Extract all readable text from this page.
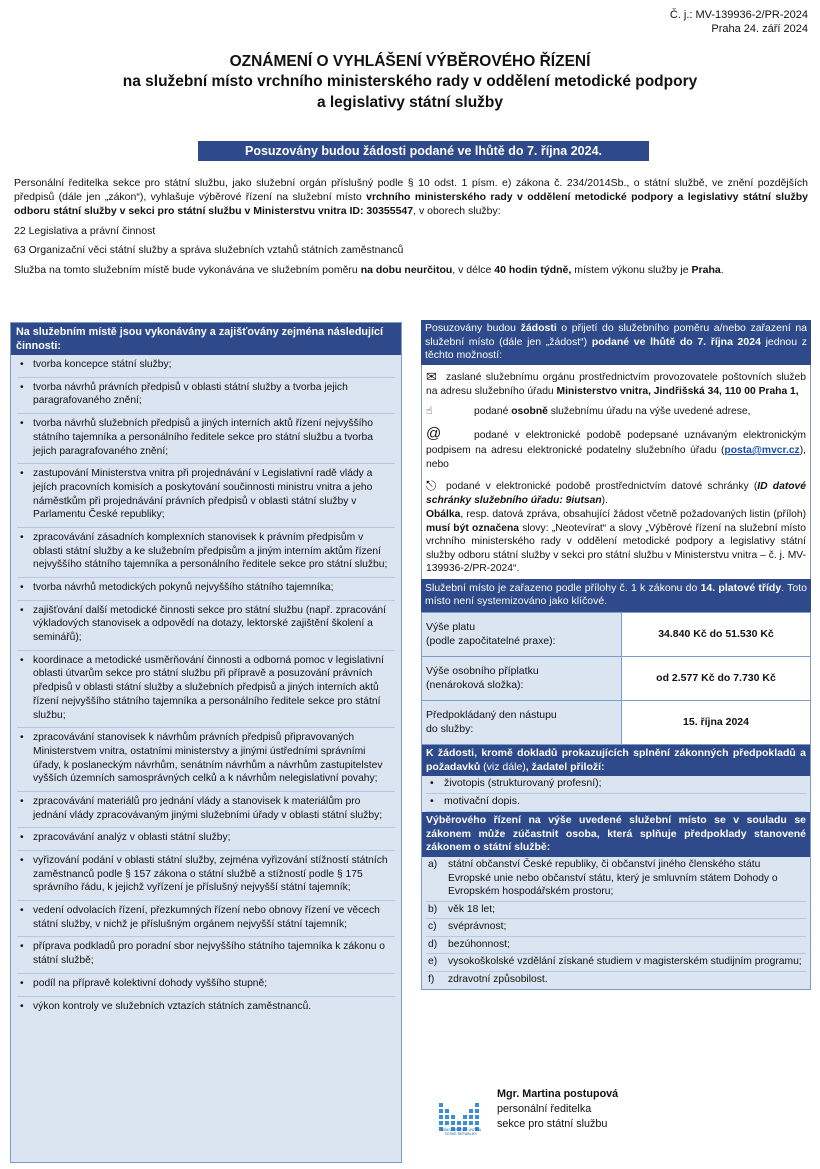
Č. j.: MV-139936-2/PR-2024
Praha 24. září 2024
OZNÁMENÍ O VYHLÁŠENÍ VÝBĚROVÉHO ŘÍZENÍ
na služební místo vrchního ministerského rady v oddělení metodické podpory
a legislativy státní služby
Posuzovány budou žádosti podané ve lhůtě do 7. října 2024.

Personální ředitelka sekce pro státní službu, jako služební orgán příslušný podle § 10 odst. 1 písm. e) zákona č. 234/2014Sb., o státní službě, ve znění pozdějších předpisů (dále jen „zákon“), vyhlašuje výběrové řízení na služební místo vrchního ministerského rady v oddělení metodické podpory a legislativy státní služby odboru státní služby v sekci pro státní službu v Ministerstvu vnitra ID: 30355547, v oborech služby:

22 Legislativa a právní činnost

63 Organizační věci státní služby a správa služebních vztahů státních zaměstnanců

Služba na tomto služebním místě bude vykonávána ve služebním poměru na dobu neurčitou, v délce 40 hodin týdně, místem výkonu služby je Praha.

Na služebním místě jsou vykonávány a zajišťovány zejména následující činnosti:
• tvorba koncepce státní služby;
• tvorba návrhů právních předpisů v oblasti státní služby a tvorba jejich paragrafovaného znění;
• tvorba návrhů služebních předpisů a jiných interních aktů řízení nejvyššího státního tajemníka a personálního ředitele sekce pro státní službu a tvorba jejich paragrafovaného znění;
• zastupování Ministerstva vnitra při projednávání v Legislativní radě vlády a jejích pracovních komisích a poskytování součinnosti ministru vnitra a jeho náměstkům při projednávání právních předpisů v oblasti státní služby v Parlamentu České republiky;
• zpracovávání zásadních komplexních stanovisek k právním předpisům v oblasti státní služby a ke služebním předpisům a jiným interním aktům řízení nejvyššího státního tajemníka a personálního ředitele sekce pro státní službu;
• tvorba návrhů metodických pokynů nejvyššího státního tajemníka;
• zajišťování další metodické činnosti sekce pro státní službu (např. zpracování výkladových stanovisek a odpovědí na dotazy, lektorské zajištění školení a seminářů);
• koordinace a metodické usměrňování činnosti a odborná pomoc v legislativní oblasti útvarům sekce pro státní službu při přípravě a posuzování právních předpisů v oblasti státní služby a služebních předpisů a jiných interních aktů řízení nejvyššího státního tajemníka a personálního ředitele sekce pro státní službu;
• zpracovávání stanovisek k návrhům právních předpisů připravovaných Ministerstvem vnitra, ostatními ministerstvy a jinými ústředními správními úřady, k poslaneckým návrhům, senátním návrhům a návrhům zastupitelstev vyšších územních samosprávných celků a k návrhům nelegislativní povahy;
• zpracovávání materiálů pro jednání vlády a stanovisek k materiálům pro jednání vlády zpracovávaným jinými služebními úřady v oblasti státní služby;
• zpracovávání analýz v oblasti státní služby;
• vyřizování podání v oblasti státní služby, zejména vyřizování stížností státních zaměstnanců podle § 157 zákona o státní službě a stížností podle § 175 správního řádu, k jejichž vyřízení je příslušný nejvyšší státní tajemník;
• vedení odvolacích řízení, přezkumných řízení nebo obnovy řízení ve věcech státní služby, v nichž je příslušným orgánem nejvyšší státní tajemník;
• příprava podkladů pro poradní sbor nejvyššího státního tajemníka k zákonu o státní službě;
• podíl na přípravě kolektivní dohody vyššího stupně;
• výkon kontroly ve služebních vztazích státních zaměstnanců.
Posuzovány budou žádosti o přijetí do služebního poměru a/nebo zařazení na služební místo (dále jen „žádost“) podané ve lhůtě do 7. října 2024 jednou z těchto možností:
✉ zaslané služebnímu orgánu prostřednictvím provozovatele poštovních služeb na adresu služebního úřadu Ministerstvo vnitra, Jindřišská 34, 110 00 Praha 1,
☝	podané osobně služebnímu úřadu na výše uvedené adrese,
@	podané v elektronické podobě podepsané uznávaným elektronickým podpisem na adresu elektronické podatelny služebního úřadu (posta@mvcr.cz), nebo
⎋ podané v elektronické podobě prostřednictvím datové schránky (ID datové schránky služebního úřadu: 9iutsan).
Obálka, resp. datová zpráva, obsahující žádost včetně požadovaných listin (příloh) musí být označena slovy: „Neotevírat“ a slovy „Výběrové řízení na služební místo vrchního ministerského rady v oddělení metodické podpory a legislativy státní služby odboru státní služby v sekci pro státní službu v Ministerstvu vnitra – č. j. MV-139936-2/PR-2024“.
Služební místo je zařazeno podle přílohy č. 1 k zákonu do 14. platové třídy. Toto místo není systemizováno jako klíčové.
Výše platu
(podle započitatelné praxe):	34.840 Kč do 51.530 Kč

Výše osobního příplatku
(nenároková složka):	od 2.577 Kč do 7.730 Kč

Předpokládaný den nástupu
do služby:	15. října 2024
K žádosti, kromě dokladů prokazujících splnění zákonných předpokladů a požadavků (viz dále), žadatel přiloží:
• životopis (strukturovaný profesní);
• motivační dopis.
Výběrového řízení na výše uvedené služební místo se v souladu se zákonem může zúčastnit osoba, která splňuje předpoklady stanovené zákonem o státní službě:
a) státní občanství České republiky, či občanství jiného členského státu Evropské unie nebo občanství státu, který je smluvním státem Dohody o Evropském hospodářském prostoru;
b) věk 18 let;
c) svéprávnost;
d) bezúhonnost;
e) vysokoškolské vzdělání získané studiem v magisterském studijním programu;
f) zdravotní způsobilost.
MINISTERSTVO VNITRA ČESKÉ REPUBLIKY
Mgr. Martina postupová
personální ředitelka
sekce pro státní službu
